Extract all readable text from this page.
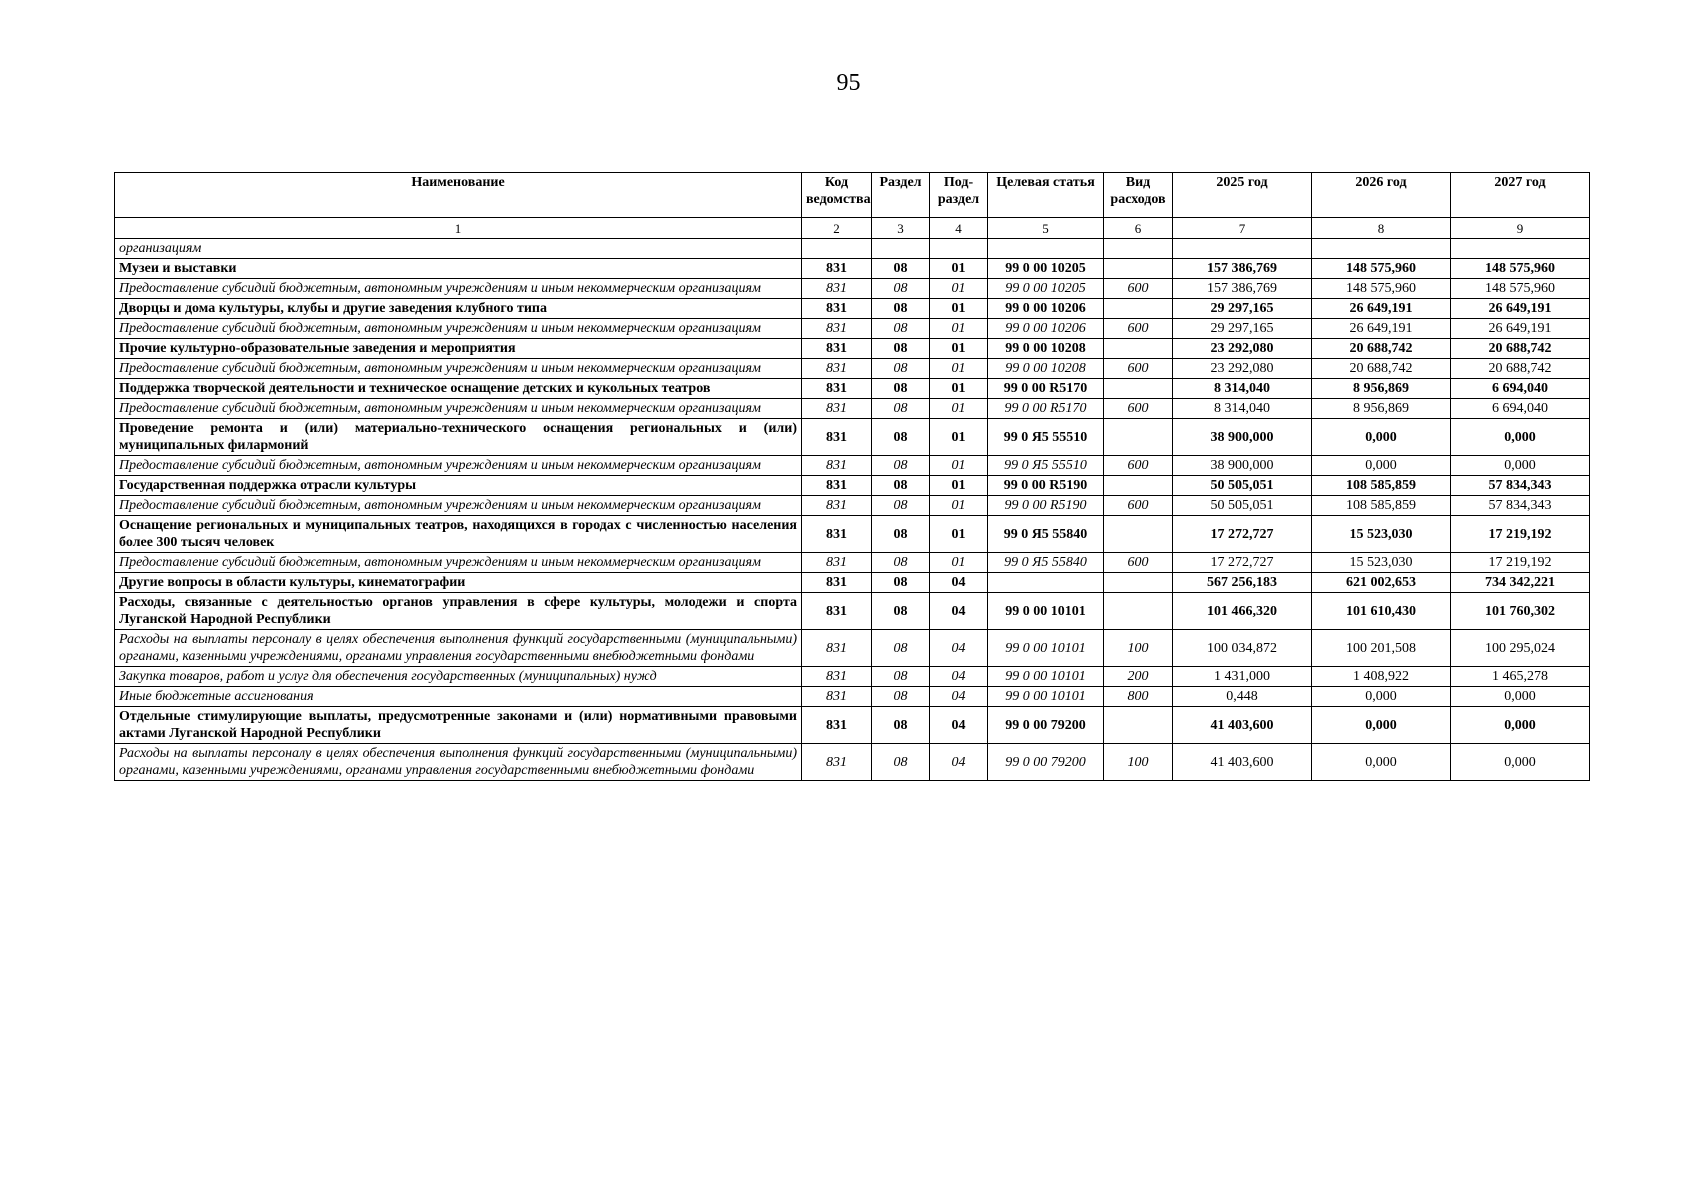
95
Наименование	Код ведомства	Раздел	Под-раздел	Целевая статья	Вид расходов	2025 год	2026 год	2027 год
1	2	3	4	5	6	7	8	9
организациям								
Музеи и выставки	831	08	01	99 0 00 10205		157 386,769	148 575,960	148 575,960
Предоставление субсидий бюджетным, автономным учреждениям и иным некоммерческим организациям	831	08	01	99 0 00 10205	600	157 386,769	148 575,960	148 575,960
Дворцы и дома культуры, клубы и другие заведения клубного типа	831	08	01	99 0 00 10206		29 297,165	26 649,191	26 649,191
Предоставление субсидий бюджетным, автономным учреждениям и иным некоммерческим организациям	831	08	01	99 0 00 10206	600	29 297,165	26 649,191	26 649,191
Прочие культурно-образовательные заведения и мероприятия	831	08	01	99 0 00 10208		23 292,080	20 688,742	20 688,742
Предоставление субсидий бюджетным, автономным учреждениям и иным некоммерческим организациям	831	08	01	99 0 00 10208	600	23 292,080	20 688,742	20 688,742
Поддержка творческой деятельности и техническое оснащение детских и кукольных театров	831	08	01	99 0 00 R5170		8 314,040	8 956,869	6 694,040
Предоставление субсидий бюджетным, автономным учреждениям и иным некоммерческим организациям	831	08	01	99 0 00 R5170	600	8 314,040	8 956,869	6 694,040
Проведение ремонта и (или) материально-технического оснащения региональных и (или) муниципальных филармоний	831	08	01	99 0 Я5 55510		38 900,000	0,000	0,000
Предоставление субсидий бюджетным, автономным учреждениям и иным некоммерческим организациям	831	08	01	99 0 Я5 55510	600	38 900,000	0,000	0,000
Государственная поддержка отрасли культуры	831	08	01	99 0 00 R5190		50 505,051	108 585,859	57 834,343
Предоставление субсидий бюджетным, автономным учреждениям и иным некоммерческим организациям	831	08	01	99 0 00 R5190	600	50 505,051	108 585,859	57 834,343
Оснащение региональных и муниципальных театров, находящихся в городах с численностью населения более 300 тысяч человек	831	08	01	99 0 Я5 55840		17 272,727	15 523,030	17 219,192
Предоставление субсидий бюджетным, автономным учреждениям и иным некоммерческим организациям	831	08	01	99 0 Я5 55840	600	17 272,727	15 523,030	17 219,192
Другие вопросы в области культуры, кинематографии	831	08	04			567 256,183	621 002,653	734 342,221
Расходы, связанные с деятельностью органов управления в сфере культуры, молодежи и спорта Луганской Народной Республики	831	08	04	99 0 00 10101		101 466,320	101 610,430	101 760,302
Расходы на выплаты персоналу в целях обеспечения выполнения функций государственными (муниципальными) органами, казенными учреждениями, органами управления государственными внебюджетными фондами	831	08	04	99 0 00 10101	100	100 034,872	100 201,508	100 295,024
Закупка товаров, работ и услуг для обеспечения государственных (муниципальных) нужд	831	08	04	99 0 00 10101	200	1 431,000	1 408,922	1 465,278
Иные бюджетные ассигнования	831	08	04	99 0 00 10101	800	0,448	0,000	0,000
Отдельные стимулирующие выплаты, предусмотренные законами и (или) нормативными правовыми актами Луганской Народной Республики	831	08	04	99 0 00 79200		41 403,600	0,000	0,000
Расходы на выплаты персоналу в целях обеспечения выполнения функций государственными (муниципальными) органами, казенными учреждениями, органами управления государственными внебюджетными фондами	831	08	04	99 0 00 79200	100	41 403,600	0,000	0,000
